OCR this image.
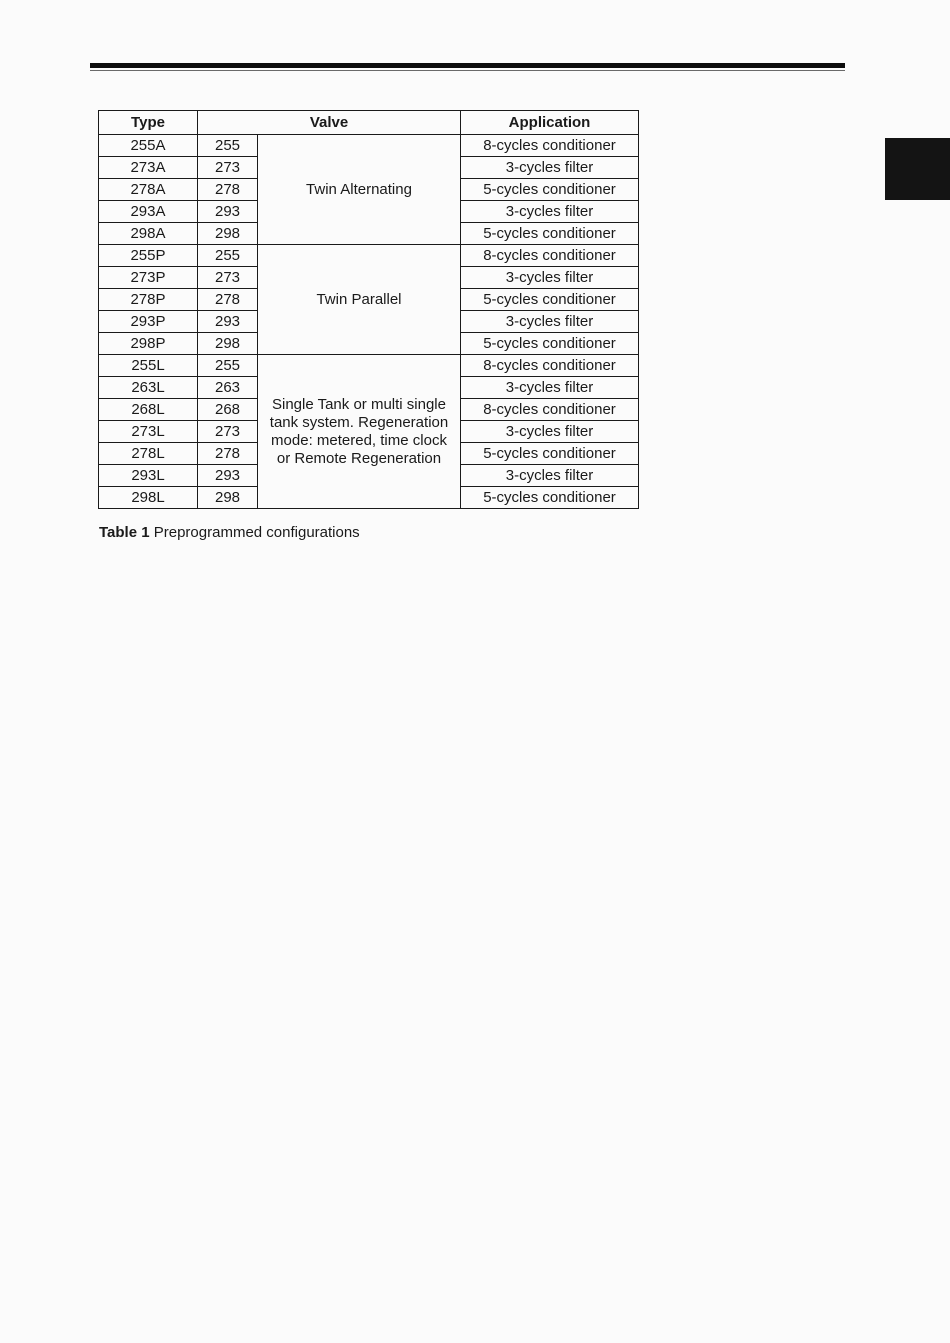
Type	Valve		Application
255A	255	Twin Alternating	8-cycles conditioner
273A	273		3-cycles filter
278A	278		5-cycles conditioner
293A	293		3-cycles filter
298A	298		5-cycles conditioner
255P	255	Twin Parallel	8-cycles conditioner
273P	273		3-cycles filter
278P	278		5-cycles conditioner
293P	293		3-cycles filter
298P	298		5-cycles conditioner
255L	255	Single Tank or multi single tank system. Regeneration mode: metered, time clock or Remote Regeneration	8-cycles conditioner
263L	263		3-cycles filter
268L	268		8-cycles conditioner
273L	273		3-cycles filter
278L	278		5-cycles conditioner
293L	293		3-cycles filter
298L	298		5-cycles conditioner
Table 1 Preprogrammed configurations
